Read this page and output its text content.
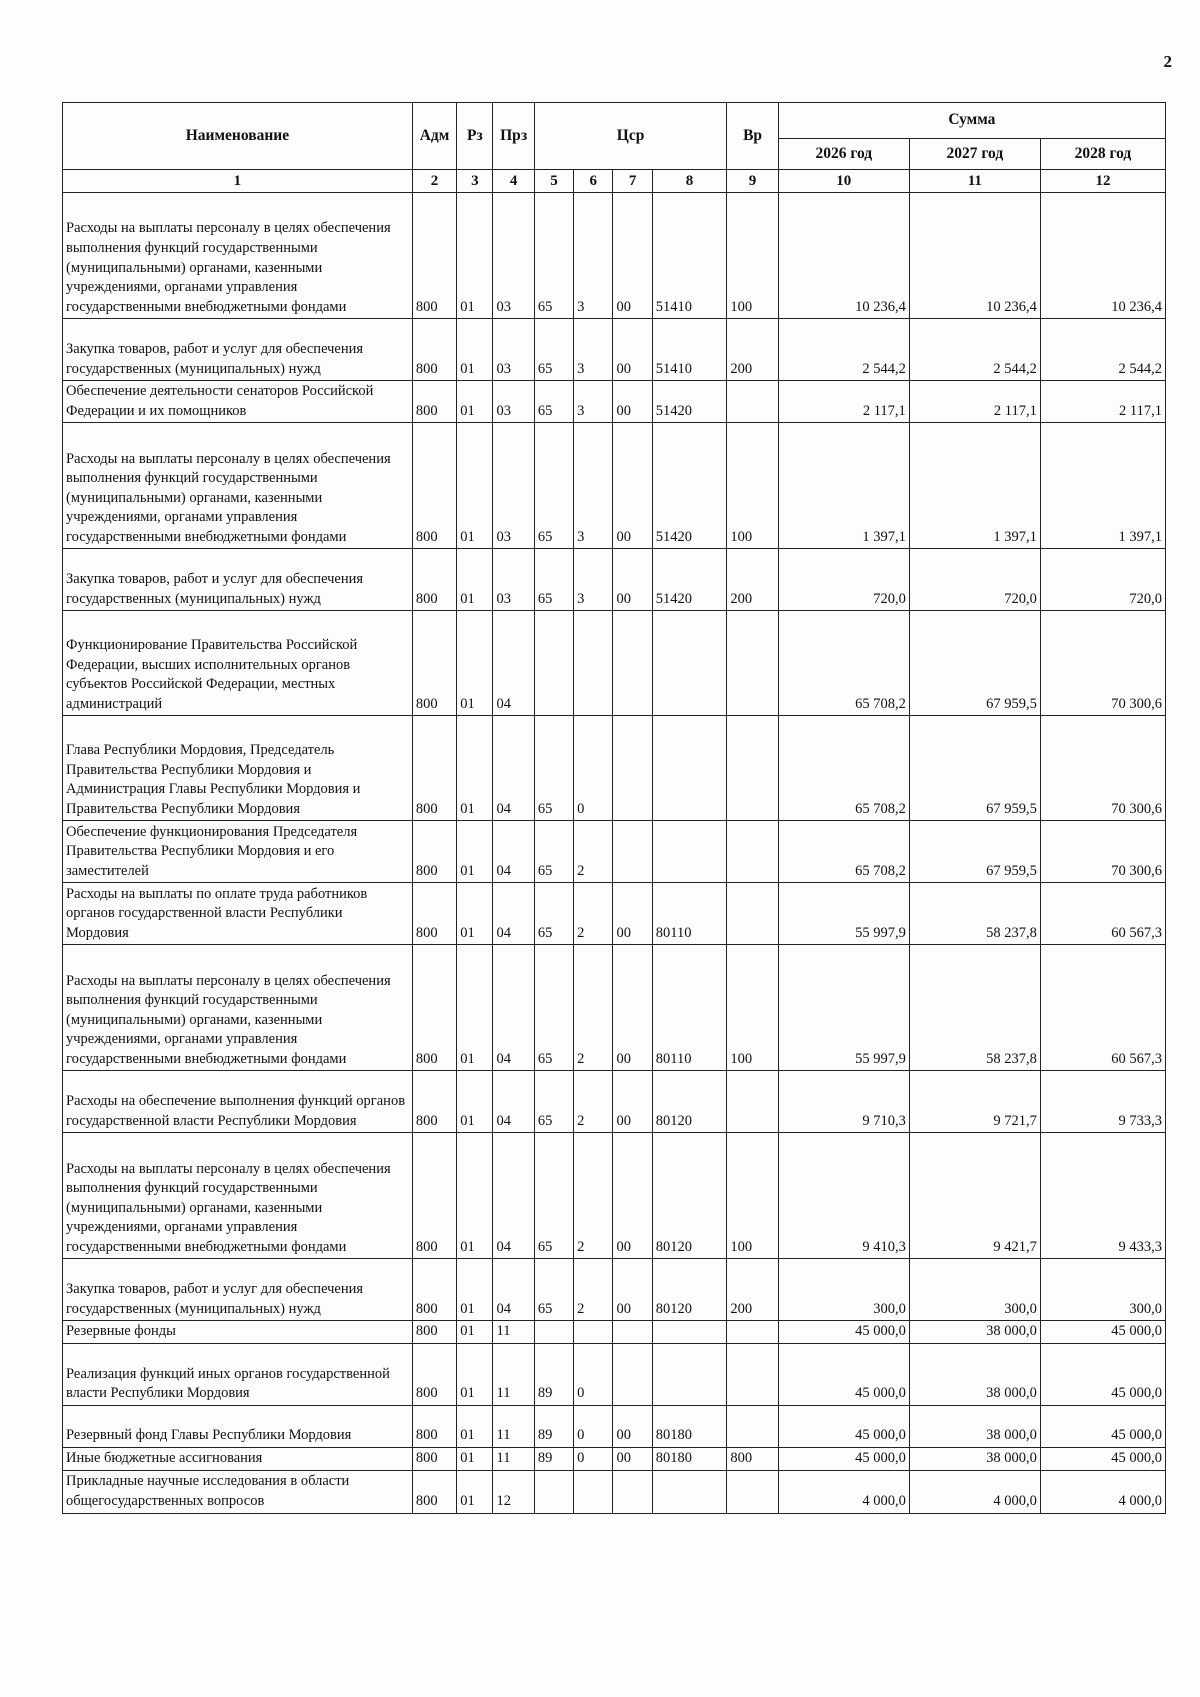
2
Наименование	Адм	Рз	Прз	Цср				Вр	Сумма		
									2026 год	2027 год	2028 год
1	2	3	4	5	6	7	8	9	10	11	12
Расходы на выплаты персоналу в целях обеспечения выполнения функций государственными (муниципальными) органами, казенными учреждениями, органами управления государственными внебюджетными фондами	800	01	03	65	3	00	51410	100	10 236,4	10 236,4	10 236,4
Закупка товаров, работ и услуг для обеспечения государственных (муниципальных) нужд	800	01	03	65	3	00	51410	200	2 544,2	2 544,2	2 544,2
Обеспечение деятельности сенаторов Российской Федерации и их помощников	800	01	03	65	3	00	51420		2 117,1	2 117,1	2 117,1
Расходы на выплаты персоналу в целях обеспечения выполнения функций государственными (муниципальными) органами, казенными учреждениями, органами управления государственными внебюджетными фондами	800	01	03	65	3	00	51420	100	1 397,1	1 397,1	1 397,1
Закупка товаров, работ и услуг для обеспечения государственных (муниципальных) нужд	800	01	03	65	3	00	51420	200	720,0	720,0	720,0
Функционирование Правительства Российской Федерации, высших исполнительных органов субъектов Российской Федерации, местных администраций	800	01	04						65 708,2	67 959,5	70 300,6
Глава Республики Мордовия, Председатель Правительства Республики Мордовия и Администрация Главы Республики Мордовия и Правительства Республики Мордовия	800	01	04	65	0				65 708,2	67 959,5	70 300,6
Обеспечение функционирования Председателя Правительства Республики Мордовия и его заместителей	800	01	04	65	2				65 708,2	67 959,5	70 300,6
Расходы на выплаты по оплате труда работников органов государственной власти Республики Мордовия	800	01	04	65	2	00	80110		55 997,9	58 237,8	60 567,3
Расходы на выплаты персоналу в целях обеспечения выполнения функций государственными (муниципальными) органами, казенными учреждениями, органами управления государственными внебюджетными фондами	800	01	04	65	2	00	80110	100	55 997,9	58 237,8	60 567,3
Расходы на обеспечение выполнения функций органов государственной власти Республики Мордовия	800	01	04	65	2	00	80120		9 710,3	9 721,7	9 733,3
Расходы на выплаты персоналу в целях обеспечения выполнения функций государственными (муниципальными) органами, казенными учреждениями, органами управления государственными внебюджетными фондами	800	01	04	65	2	00	80120	100	9 410,3	9 421,7	9 433,3
Закупка товаров, работ и услуг для обеспечения государственных (муниципальных) нужд	800	01	04	65	2	00	80120	200	300,0	300,0	300,0
Резервные фонды	800	01	11						45 000,0	38 000,0	45 000,0
Реализация функций иных органов государственной власти Республики Мордовия	800	01	11	89	0				45 000,0	38 000,0	45 000,0
Резервный фонд Главы Республики Мордовия	800	01	11	89	0	00	80180		45 000,0	38 000,0	45 000,0
Иные бюджетные ассигнования	800	01	11	89	0	00	80180	800	45 000,0	38 000,0	45 000,0
Прикладные научные исследования в области общегосударственных вопросов	800	01	12						4 000,0	4 000,0	4 000,0
